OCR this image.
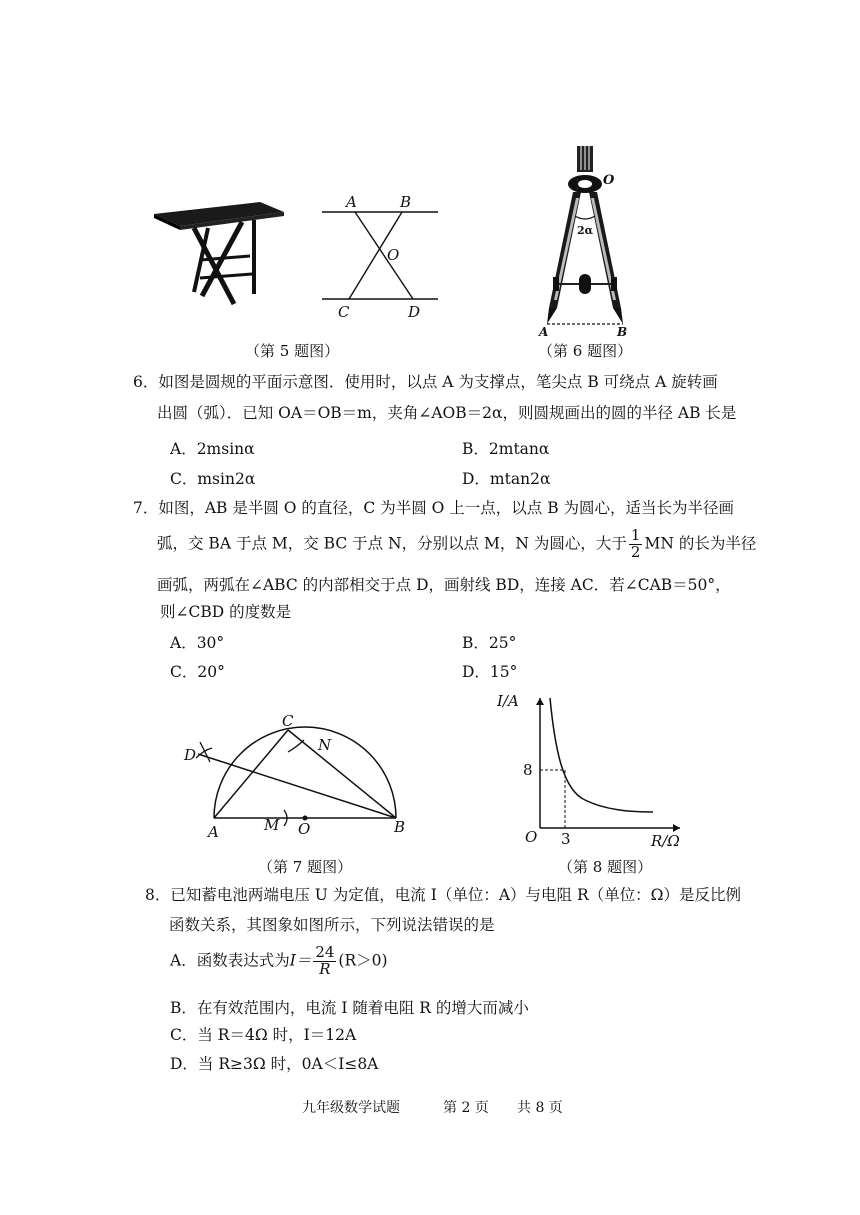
A	B
O
C	D
（第 5 题图）
O
2α
A	B
（第 6 题图）
6．如图是圆规的平面示意图．使用时，以点 A 为支撑点，笔尖点 B 可绕点 A 旋转画
出圆（弧）．已知 OA＝OB＝m，夹角∠AOB＝2α，则圆规画出的圆的半径 AB 长是
A．2msinα	B．2mtanα
C．msin2α	D．mtan2α
7．如图，AB 是半圆 O 的直径，C 为半圆 O 上一点，以点 B 为圆心，适当长为半径画
弧，交 BA 于点 M，交 BC 于点 N，分别以点 M，N 为圆心，大于 $\frac{1}{2}$ MN 的长为半径
画弧，两弧在∠ABC 的内部相交于点 D，画射线 BD，连接 AC．若∠CAB＝50°，
则∠CBD 的度数是
A．30°	B．25°
C．20°	D．15°
C
N
D
A	M O	B
（第 7 题图）
I/A
R/Ω
O
8
3
（第 8 题图）
8．已知蓄电池两端电压 U 为定值，电流 I（单位：A）与电阻 R（单位：Ω）是反比例
函数关系，其图象如图所示，下列说法错误的是
A．函数表达式为$I= \frac{24}{R} (R>0)$
B．在有效范围内，电流 I 随着电阻 R 的增大而减小
C．当 R＝4Ω 时，I＝12A
D．当 R≥3Ω 时，0A＜I≤8A
九年级数学试题	第 2 页 共 8 页
